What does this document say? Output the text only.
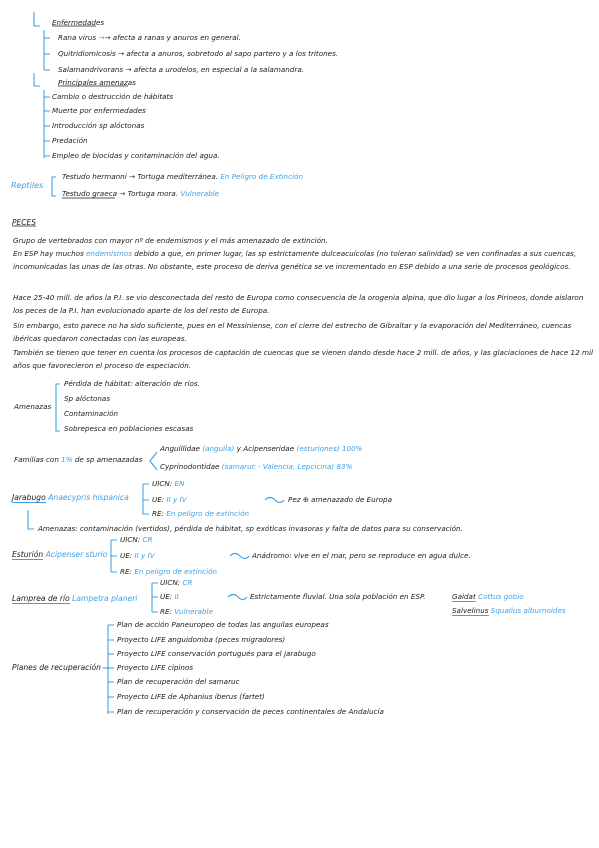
Enfermedades
Rana virus →→ afecta a ranas y anuros en general.
Quitridiomicosis → afecta a anuros, sobretodo al sapo partero y a los tritones.
Salamandrivorans → afecta a urodelos, en especial a la salamandra.
Principales amenazas
Cambio o destrucción de hábitats
Muerte por enfermedades
Introducción sp alóctonas
Predación
Empleo de biocidas y contaminación del agua.
Reptiles
Testudo hermanni → Tortuga mediterránea. En Peligro de Extinción
Testudo graeca → Tortuga mora. Vulnerable
PECES
Grupo de vertebrados con mayor nº de endemismos y el más amenazado de extinción.
En ESP hay muchos endemismos debido a que, en primer lugar, las sp estrictamente dulceacuícolas (no toleran salinidad) se ven confinadas a sus cuencas, incomunicadas las unas de las otras. No obstante, este proceso de deriva genética se ve incrementado en ESP debido a una serie de procesos geológicos.
Hace 25-40 mill. de años la P.I. se vio desconectada del resto de Europa como consecuencia de la orogenia alpina, que dio lugar a los Pirineos, donde aislaron los peces de la P.I. han evolucionado aparte de los del resto de Europa.
Sin embargo, esto parece no ha sido suficiente, pues en el Messiniense, con el cierre del estrecho de Gibraltar y la evaporación del Mediterráneo, cuencas ibéricas quedaron conectadas con las europeas.
También se tienen que tener en cuenta los procesos de captación de cuencas que se vienen dando desde hace 2 mill. de años, y las glaciaciones de hace 12 mil años que favorecieron el proceso de especiación.
Amenazas
Pérdida de hábitat: alteración de ríos.
Sp alóctonas
Contaminación
Sobrepesca en poblaciones escasas
Familias con 1% de sp amenazadas
Anguillidae (anguila) y Acipenseridae (esturiones) 100%
Cyprinodontidae (samaruc - Valencia, Lepcicina) 83%
Jarabugo Anaecypris hispanica
UICN: EN
UE: II y IV
RE: En peligro de extinción
Pez ⊕ amenazado de Europa
Amenazas: contaminación (vertidos), pérdida de hábitat, sp exóticas invasoras y falta de datos para su conservación.
Esturión Acipenser sturio
UICN: CR
UE: II y IV
RE: En peligro de extinción
Anádromo: vive en el mar, pero se reproduce en agua dulce.
Lamprea de río Lampetra planeri
UICN: CR
UE: II
RE: Vulnerable
Estrictamente fluvial. Una sola población en ESP.	Gaidat Cottus gobio
Salvelinus Squalius alburnoides
Planes de recuperación
Plan de acción Paneuropeo de todas las anguilas europeas
Proyecto LIFE anguidomba (peces migradores)
Proyecto LIFE conservación portugués para el jarabugo
Proyecto LIFE cipinos
Plan de recuperación del samaruc
Proyecto LIFE de Aphanius iberus (fartet)
Plan de recuperación y conservación de peces continentales de Andalucía
